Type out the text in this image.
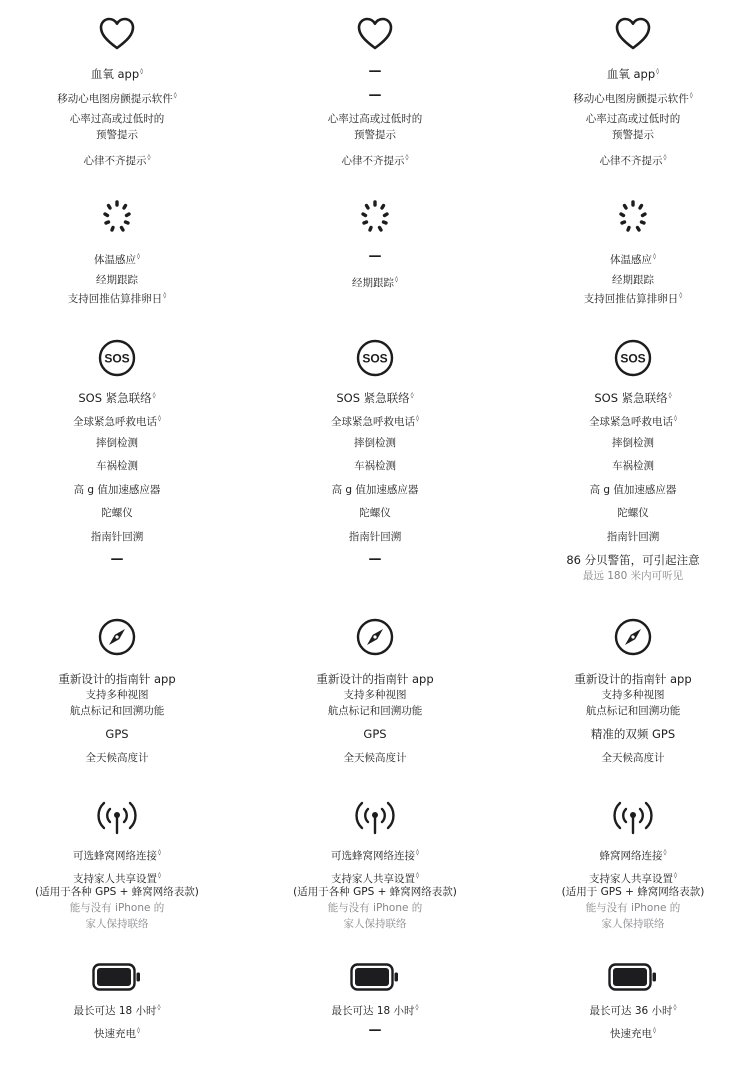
血氧 app◊
移动心电图房颤提示软件◊
心率过高或过低时的
预警提示
心律不齐提示◊
体温感应◊
经期跟踪
支持回推估算排卵日◊
SOS
SOS 紧急联络◊
全球紧急呼救电话◊
摔倒检测
车祸检测
高 g 值加速感应器
陀螺仪
指南针回溯
—
重新设计的指南针 app
支持多种视图
航点标记和回溯功能
GPS
全天候高度计
可选蜂窝网络连接◊
支持家人共享设置◊
(适用于各种 GPS + 蜂窝网络表款)
能与没有 iPhone 的
家人保持联络
最长可达 18 小时◊
快速充电◊
—
—
心率过高或过低时的
预警提示
心律不齐提示◊
—
经期跟踪◊
SOS
SOS 紧急联络◊
全球紧急呼救电话◊
摔倒检测
车祸检测
高 g 值加速感应器
陀螺仪
指南针回溯
—
重新设计的指南针 app
支持多种视图
航点标记和回溯功能
GPS
全天候高度计
可选蜂窝网络连接◊
支持家人共享设置◊
(适用于各种 GPS + 蜂窝网络表款)
能与没有 iPhone 的
家人保持联络
最长可达 18 小时◊
—
血氧 app◊
移动心电图房颤提示软件◊
心率过高或过低时的
预警提示
心律不齐提示◊
体温感应◊
经期跟踪
支持回推估算排卵日◊
SOS
SOS 紧急联络◊
全球紧急呼救电话◊
摔倒检测
车祸检测
高 g 值加速感应器
陀螺仪
指南针回溯
86 分贝警笛，可引起注意
最远 180 米内可听见
重新设计的指南针 app
支持多种视图
航点标记和回溯功能
精准的双频 GPS
全天候高度计
蜂窝网络连接◊
支持家人共享设置◊
(适用于 GPS + 蜂窝网络表款)
能与没有 iPhone 的
家人保持联络
最长可达 36 小时◊
快速充电◊
